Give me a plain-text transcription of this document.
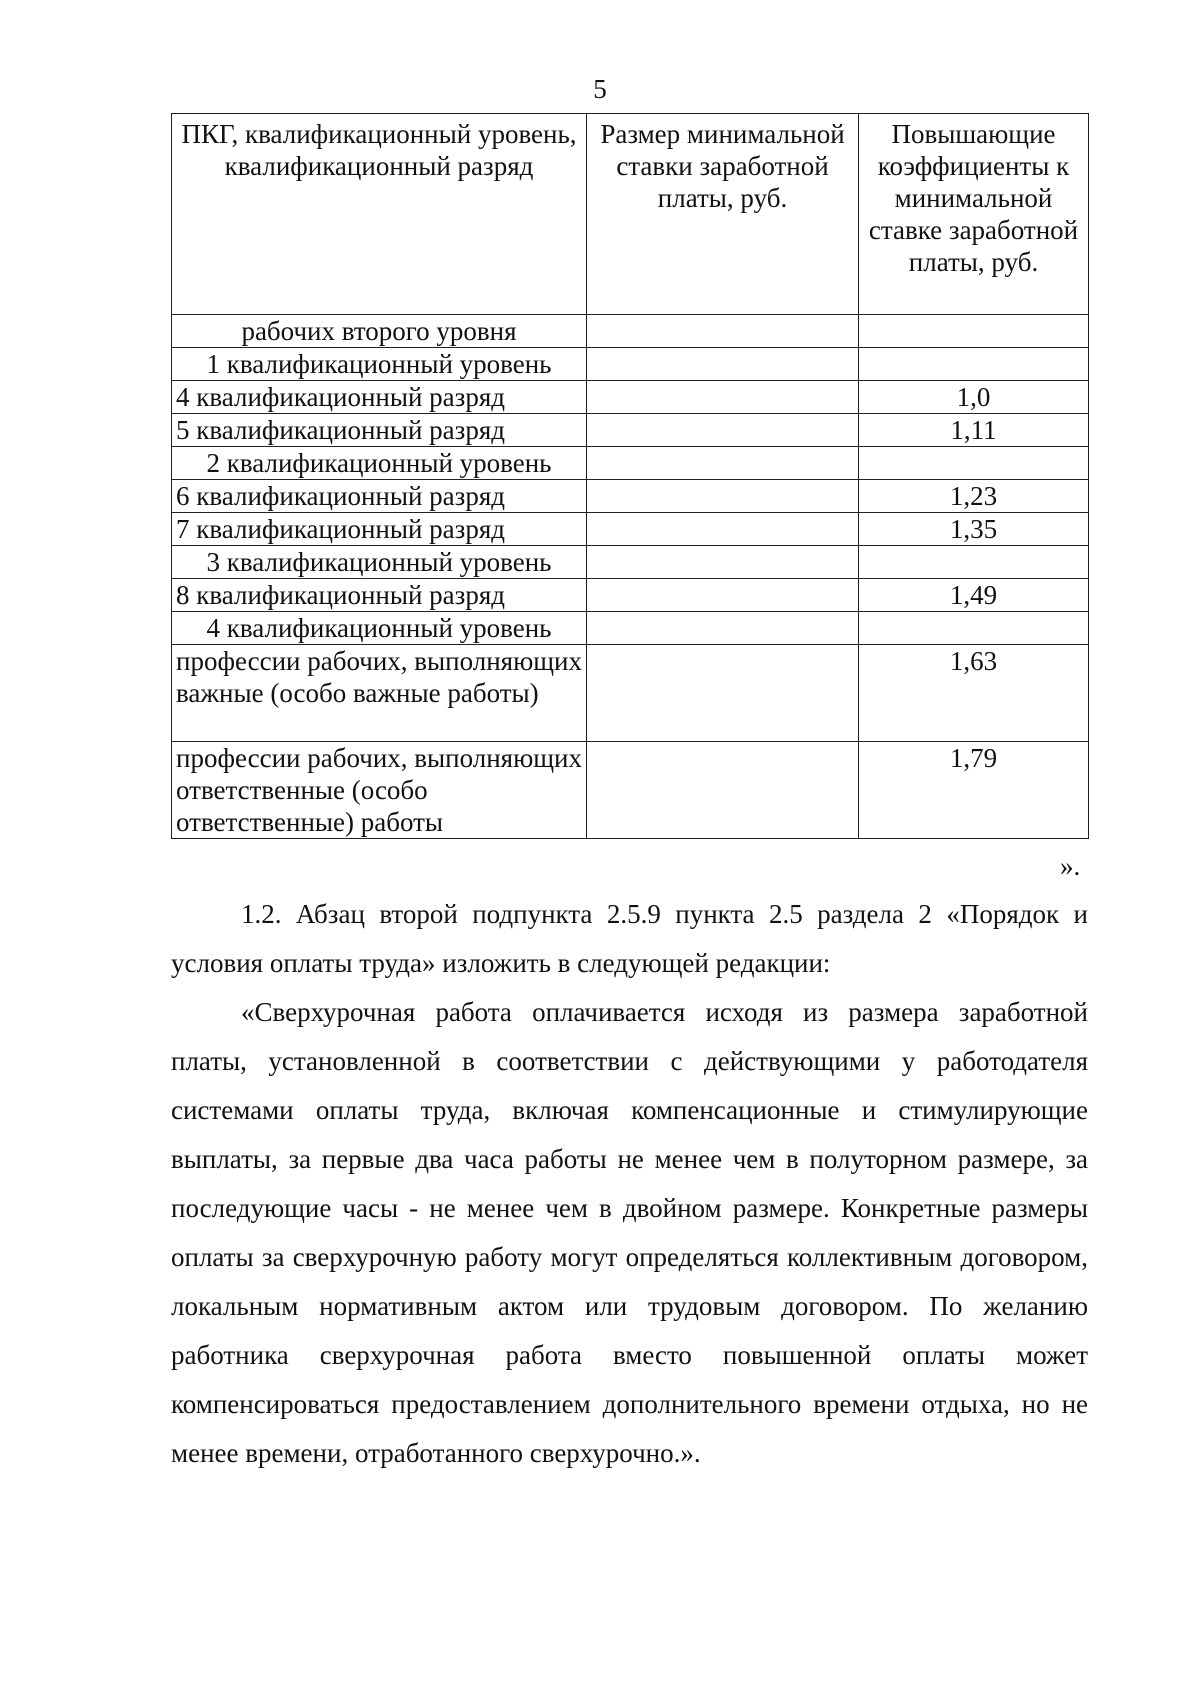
5
ПКГ, квалификационный уровень, квалификационный разряд	Размер минимальной ставки заработной платы, руб.	Повышающие коэффициенты к минимальной ставке заработной платы, руб.
рабочих второго уровня		
1 квалификационный уровень		
4 квалификационный разряд		1,0
5 квалификационный разряд		1,11
2 квалификационный уровень		
6 квалификационный разряд		1,23
7 квалификационный разряд		1,35
3 квалификационный уровень		
8 квалификационный разряд		1,49
4 квалификационный уровень		
профессии рабочих, выполняющих важные (особо важные работы)		1,63
профессии рабочих, выполняющих ответственные (особо ответственные) работы		1,79
».

1.2. Абзац второй подпункта 2.5.9 пункта 2.5 раздела 2 «Порядок и условия оплаты труда» изложить в следующей редакции:

«Сверхурочная работа оплачивается исходя из размера заработной платы, установленной в соответствии с действующими у работодателя системами оплаты труда, включая компенсационные и стимулирующие выплаты, за первые два часа работы не менее чем в полуторном размере, за последующие часы - не менее чем в двойном размере. Конкретные размеры оплаты за сверхурочную работу могут определяться коллективным договором, локальным нормативным актом или трудовым договором. По желанию работника сверхурочная работа вместо повышенной оплаты может компенсироваться предоставлением дополнительного времени отдыха, но не менее времени, отработанного сверхурочно.».
